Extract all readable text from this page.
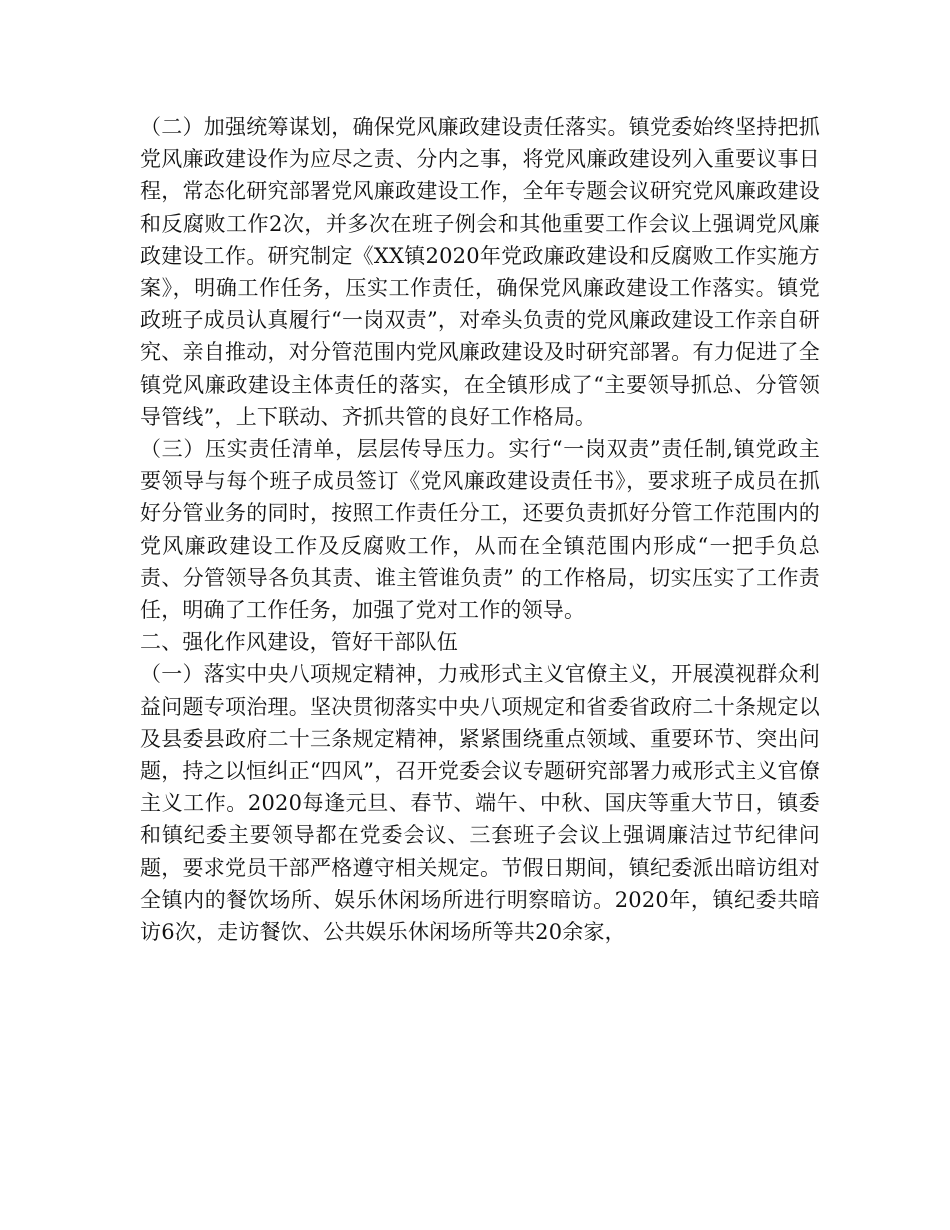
（二）加强统筹谋划，确保党风廉政建设责任落实。镇党委始终坚持把抓党风廉政建设作为应尽之责、分内之事，将党风廉政建设列入重要议事日程，常态化研究部署党风廉政建设工作，全年专题会议研究党风廉政建设和反腐败工作2次，并多次在班子例会和其他重要工作会议上强调党风廉政建设工作。研究制定《XX镇2020年党政廉政建设和反腐败工作实施方案》，明确工作任务，压实工作责任，确保党风廉政建设工作落实。镇党政班子成员认真履行“一岗双责”，对牵头负责的党风廉政建设工作亲自研究、亲自推动，对分管范围内党风廉政建设及时研究部署。有力促进了全镇党风廉政建设主体责任的落实，在全镇形成了“主要领导抓总、分管领导管线”，上下联动、齐抓共管的良好工作格局。

（三）压实责任清单，层层传导压力。实行“一岗双责”责任制,镇党政主要领导与每个班子成员签订《党风廉政建设责任书》，要求班子成员在抓好分管业务的同时，按照工作责任分工，还要负责抓好分管工作范围内的党风廉政建设工作及反腐败工作，从而在全镇范围内形成“一把手负总责、分管领导各负其责、谁主管谁负责” 的工作格局，切实压实了工作责任，明确了工作任务，加强了党对工作的领导。

二、强化作风建设，管好干部队伍

（一）落实中央八项规定精神，力戒形式主义官僚主义，开展漠视群众利益问题专项治理。坚决贯彻落实中央八项规定和省委省政府二十条规定以及县委县政府二十三条规定精神，紧紧围绕重点领域、重要环节、突出问题，持之以恒纠正“四风”，召开党委会议专题研究部署力戒形式主义官僚主义工作。2020每逢元旦、春节、端午、中秋、国庆等重大节日，镇委和镇纪委主要领导都在党委会议、三套班子会议上强调廉洁过节纪律问题，要求党员干部严格遵守相关规定。节假日期间，镇纪委派出暗访组对全镇内的餐饮场所、娱乐休闲场所进行明察暗访。2020年，镇纪委共暗访6次，走访餐饮、公共娱乐休闲场所等共20余家，
